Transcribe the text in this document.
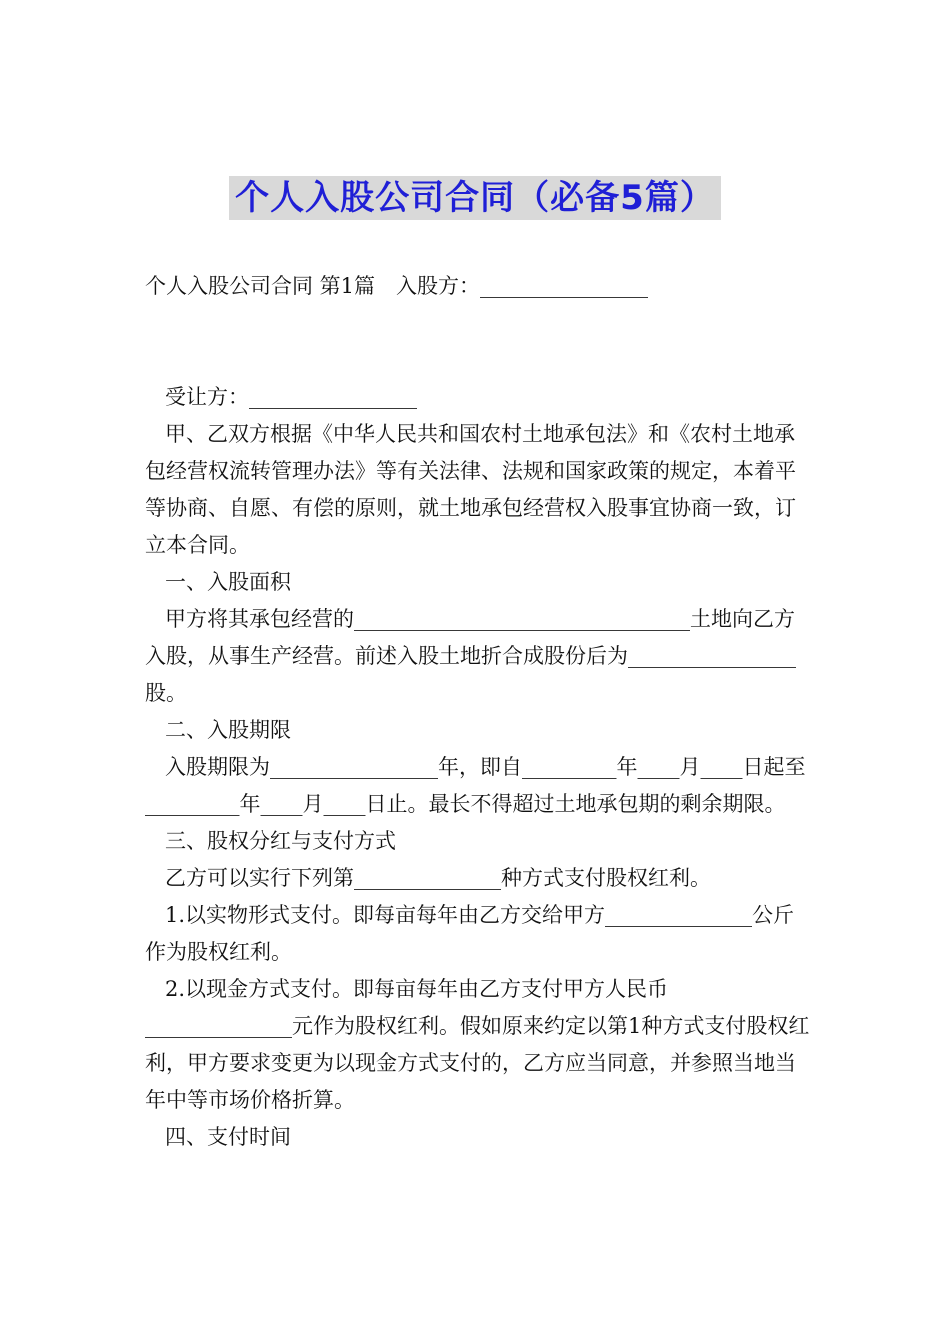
个人入股公司合同（必备5篇）

个人入股公司合同 第1篇　入股方：________________

受让方：________________

甲、乙双方根据《中华人民共和国农村土地承包法》和《农村土地承包经营权流转管理办法》等有关法律、法规和国家政策的规定，本着平等协商、自愿、有偿的原则，就土地承包经营权入股事宜协商一致，订立本合同。

一、入股面积

甲方将其承包经营的________________________________土地向乙方入股，从事生产经营。前述入股土地折合成股份后为________________股。

二、入股期限

入股期限为________________年，即自_________年____月____日起至_________年____月____日止。最长不得超过土地承包期的剩余期限。

三、股权分红与支付方式

乙方可以实行下列第______________种方式支付股权红利。

1.以实物形式支付。即每亩每年由乙方交给甲方______________公斤作为股权红利。

2.以现金方式支付。即每亩每年由乙方支付甲方人民币______________元作为股权红利。假如原来约定以第1种方式支付股权红利，甲方要求变更为以现金方式支付的，乙方应当同意，并参照当地当年中等市场价格折算。

四、支付时间
